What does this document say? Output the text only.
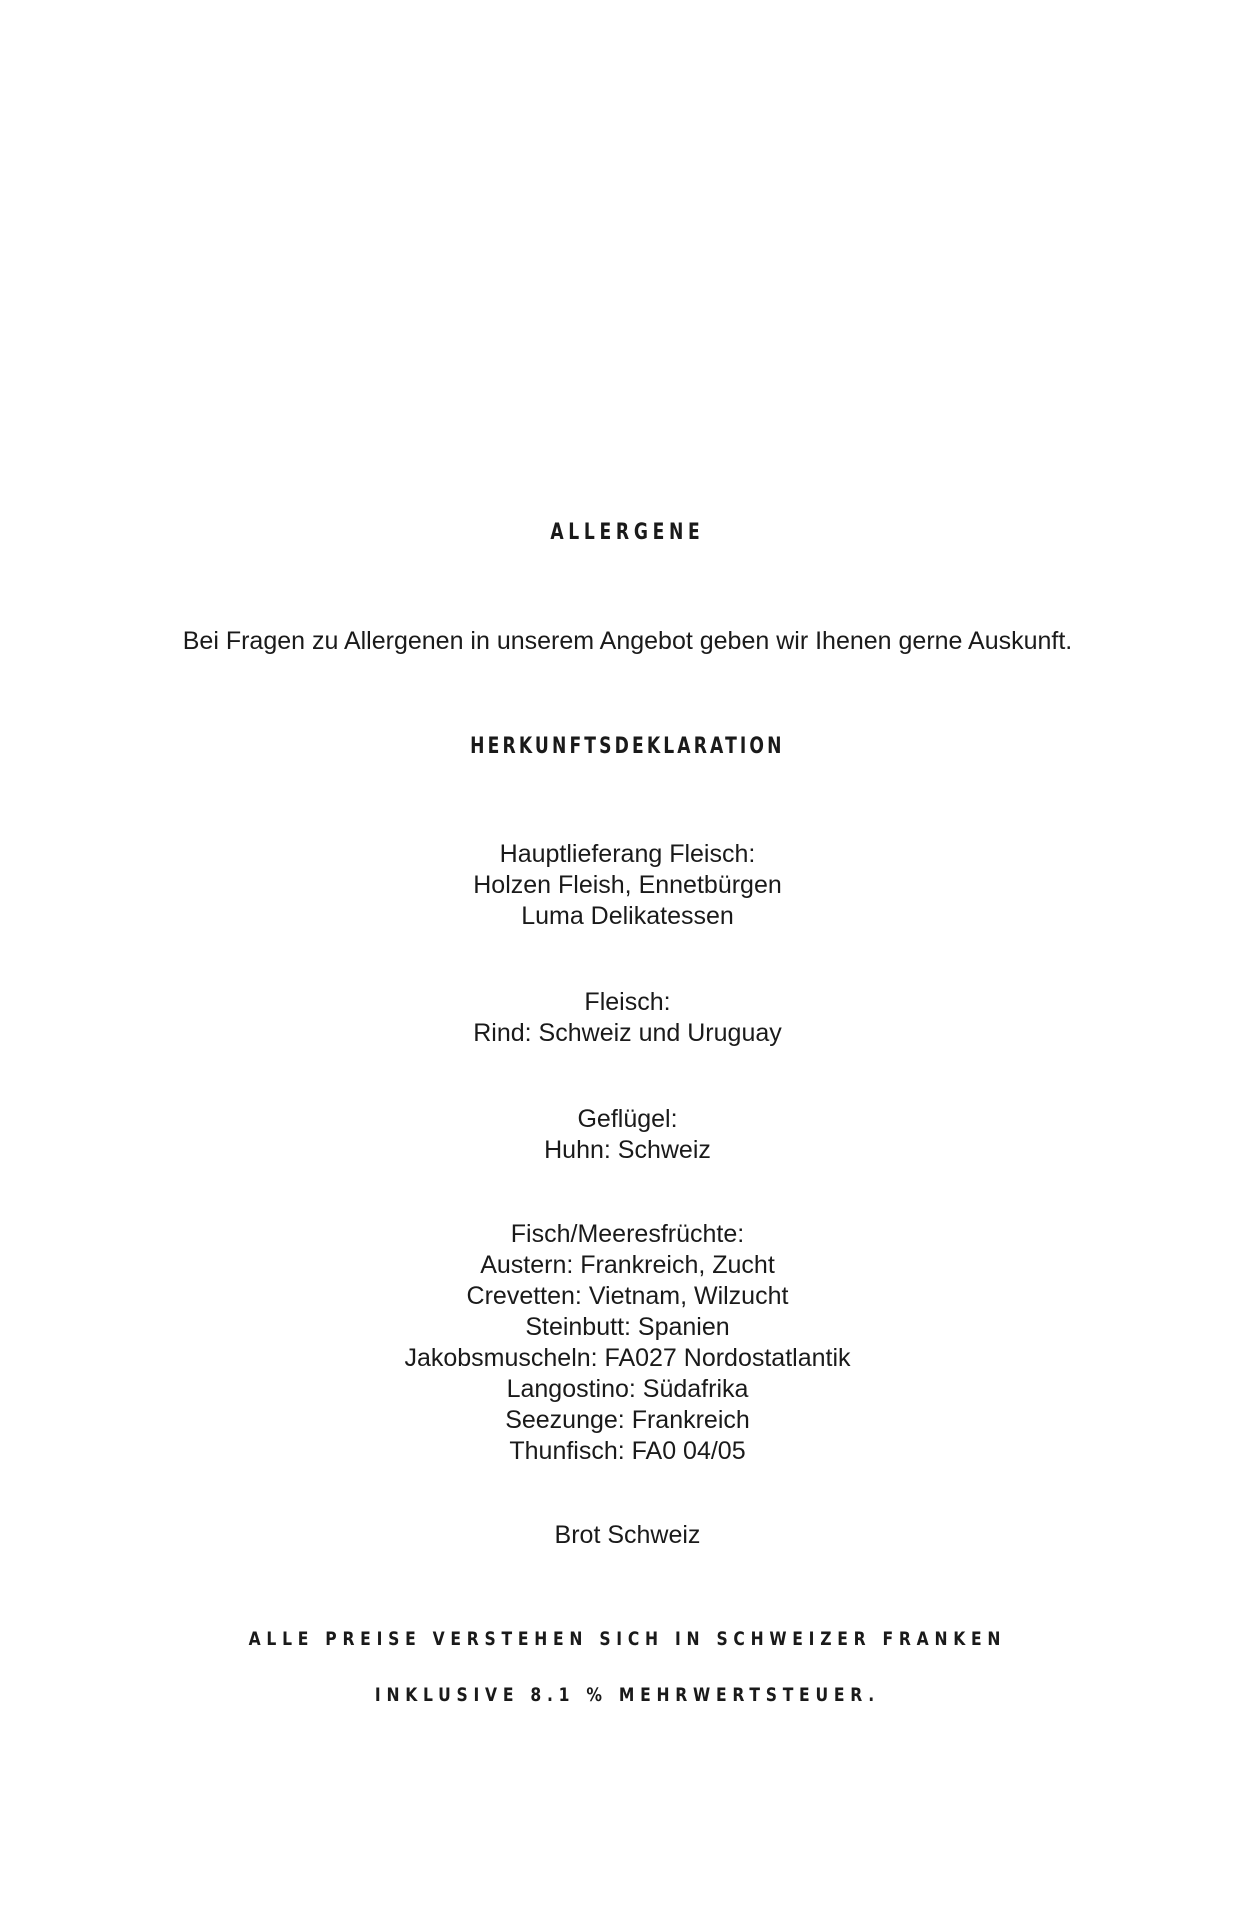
ALLERGENE
Bei Fragen zu Allergenen in unserem Angebot geben wir Ihenen gerne Auskunft.
HERKUNFTSDEKLARATION
Hauptlieferang Fleisch:
Holzen Fleish, Ennetbürgen
Luma Delikatessen
Fleisch:
Rind: Schweiz und Uruguay
Geflügel:
Huhn: Schweiz
Fisch/Meeresfrüchte:
Austern: Frankreich, Zucht
Crevetten: Vietnam, Wilzucht
Steinbutt: Spanien
Jakobsmuscheln: FA027 Nordostatlantik
Langostino: Südafrika
Seezunge: Frankreich
Thunfisch: FA0 04/05
Brot Schweiz
ALLE PREISE VERSTEHEN SICH IN SCHWEIZER FRANKEN
INKLUSIVE 8.1 % MEHRWERTSTEUER.
